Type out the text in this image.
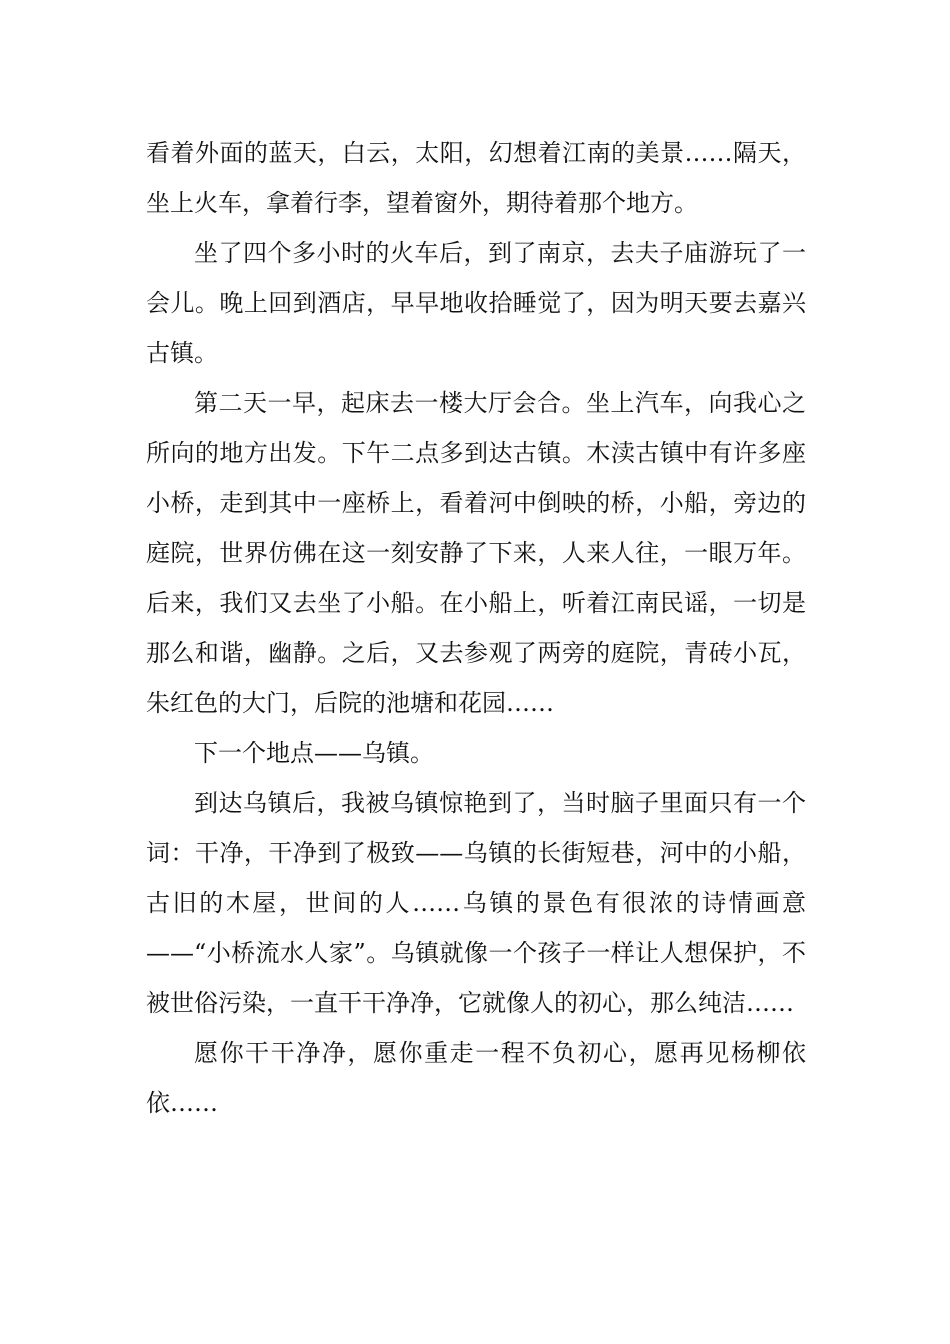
看着外面的蓝天，白云，太阳，幻想着江南的美景……隔天，坐上火车，拿着行李，望着窗外，期待着那个地方。

坐了四个多小时的火车后，到了南京，去夫子庙游玩了一会儿。晚上回到酒店，早早地收拾睡觉了，因为明天要去嘉兴古镇。

第二天一早，起床去一楼大厅会合。坐上汽车，向我心之所向的地方出发。下午二点多到达古镇。木渎古镇中有许多座小桥，走到其中一座桥上，看着河中倒映的桥，小船，旁边的庭院，世界仿佛在这一刻安静了下来，人来人往，一眼万年。后来，我们又去坐了小船。在小船上，听着江南民谣，一切是那么和谐，幽静。之后，又去参观了两旁的庭院，青砖小瓦，朱红色的大门，后院的池塘和花园……

下一个地点——乌镇。

到达乌镇后，我被乌镇惊艳到了，当时脑子里面只有一个词：干净，干净到了极致——乌镇的长街短巷，河中的小船，古旧的木屋，世间的人……乌镇的景色有很浓的诗情画意——“小桥流水人家”。乌镇就像一个孩子一样让人想保护，不被世俗污染，一直干干净净，它就像人的初心，那么纯洁……

愿你干干净净，愿你重走一程不负初心，愿再见杨柳依依……
